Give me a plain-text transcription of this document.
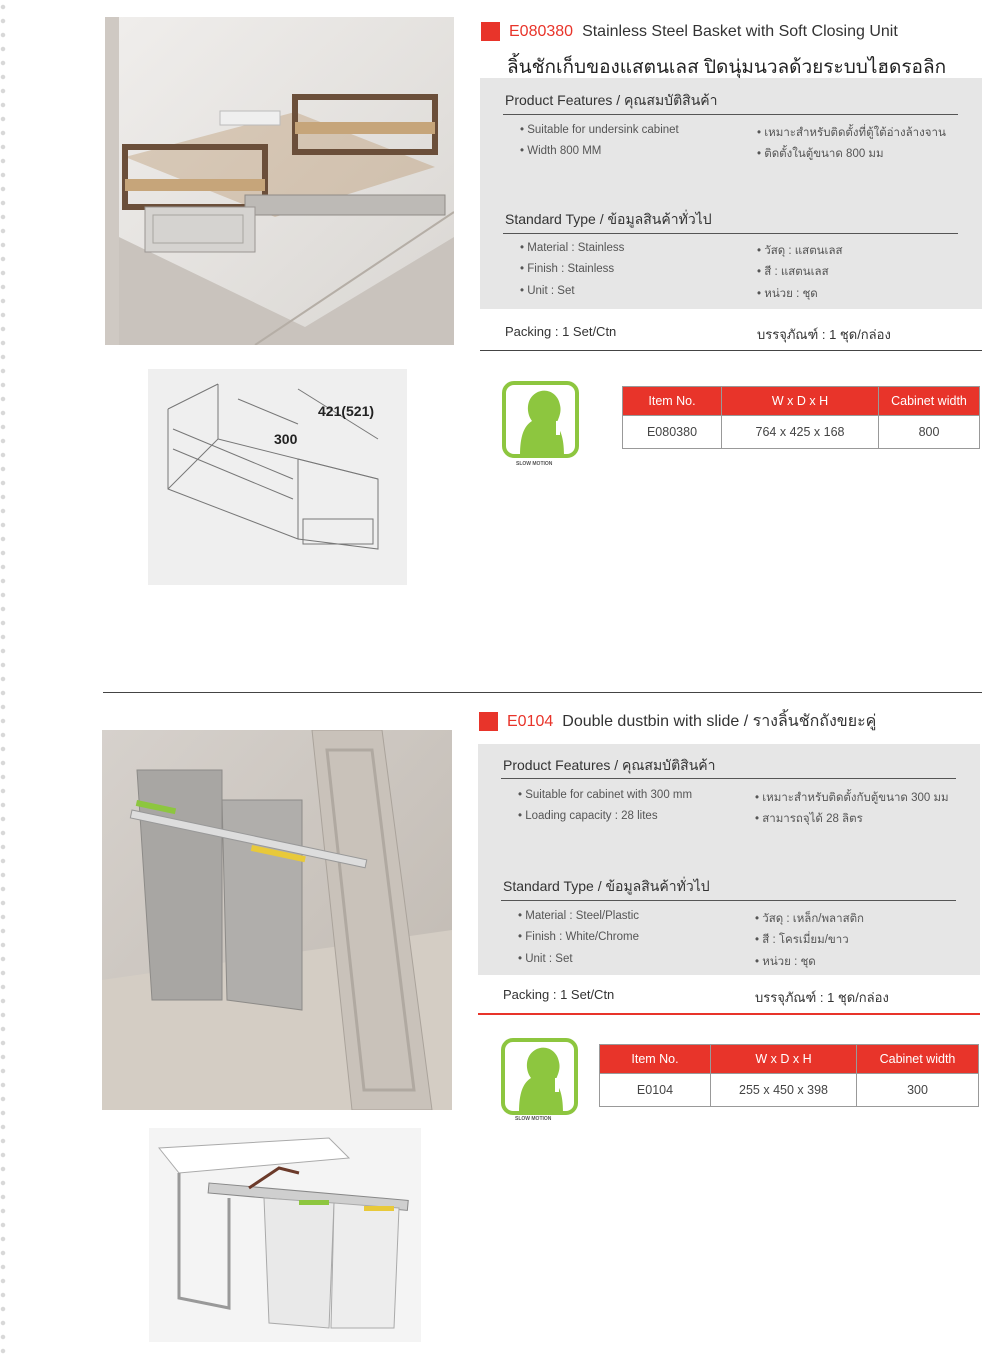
E080380 Stainless Steel Basket with Soft Closing Unit
ลิ้นชักเก็บของแสตนเลส ปิดนุ่มนวลด้วยระบบไฮดรอลิก
Product Features / คุณสมบัติสินค้า
• Suitable for undersink cabinet
• Width 800 MM
• เหมาะสำหรับติดตั้งที่ตู้ใต้อ่างล้างจาน
• ติดตั้งในตู้ขนาด 800 มม
Standard Type / ข้อมูลสินค้าทั่วไป
• Material : Stainless
• Finish : Stainless
• Unit : Set
• วัสดุ : แสตนเลส
• สี : แสตนเลส
• หน่วย : ชุด
Packing : 1 Set/Ctn	บรรจุภัณฑ์ : 1 ชุด/กล่อง
421(521)
300
SLOW MOTION
Item No.	W x D x H	Cabinet width
E080380	764 x 425 x 168	800
E0104 Double dustbin with slide / รางลิ้นชักถังขยะคู่
Product Features / คุณสมบัติสินค้า
• Suitable for cabinet with 300 mm
• Loading capacity : 28 lites
• เหมาะสำหรับติดตั้งกับตู้ขนาด 300 มม
• สามารถจุได้ 28 ลิตร
Standard Type / ข้อมูลสินค้าทั่วไป
• Material : Steel/Plastic
• Finish : White/Chrome
• Unit : Set
• วัสดุ : เหล็ก/พลาสติก
• สี : โครเมี่ยม/ขาว
• หน่วย : ชุด
Packing : 1 Set/Ctn	บรรจุภัณฑ์ : 1 ชุด/กล่อง
SLOW MOTION
Item No.	W x D x H	Cabinet width
E0104	255 x 450 x 398	300
